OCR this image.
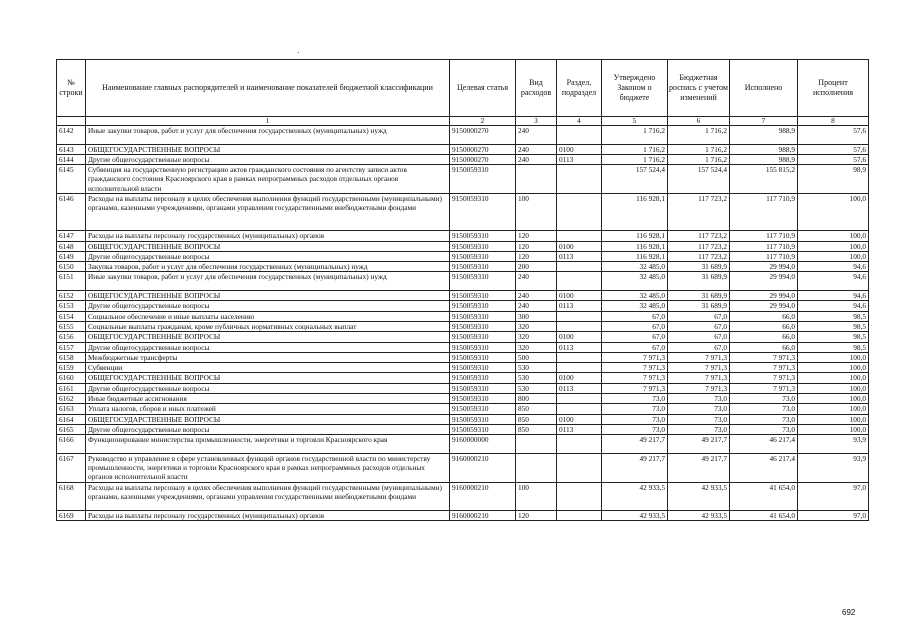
№ строки	Наименование главных распорядителей и наименование показателей бюджетной классификации	Целевая статья	Вид расходов	Раздел, подраздел	Утверждено Законом о бюджете	Бюджетная роспись с учетом изменений	Исполнено	Процент исполнения
	1	2	3	4	5	6	7	8
6142	Иные закупки товаров, работ и услуг для обеспечения государственных (муниципальных) нужд	9150000270	240		1 716,2	1 716,2	988,9	57,6
6143	ОБЩЕГОСУДАРСТВЕННЫЕ ВОПРОСЫ	9150000270	240	0100	1 716,2	1 716,2	988,9	57,6
6144	Другие общегосударственные вопросы	9150000270	240	0113	1 716,2	1 716,2	988,9	57,6
6145	Субвенция на государственную регистрацию актов гражданского состояния по агентству записи актов гражданского состояния Красноярского края в рамках непрограммных расходов отдельных органов исполнительной власти	9150059310			157 524,4	157 524,4	155 815,2	98,9
6146	Расходы на выплаты персоналу в целях обеспечения выполнения функций государственными (муниципальными) органами, казенными учреждениями, органами управления государственными внебюджетными фондами	9150059310	100		116 928,1	117 723,2	117 710,9	100,0
6147	Расходы на выплаты персоналу государственных (муниципальных) органов	9150059310	120		116 928,1	117 723,2	117 710,9	100,0
6148	ОБЩЕГОСУДАРСТВЕННЫЕ ВОПРОСЫ	9150059310	120	0100	116 928,1	117 723,2	117 710,9	100,0
6149	Другие общегосударственные вопросы	9150059310	120	0113	116 928,1	117 723,2	117 710,9	100,0
6150	Закупка товаров, работ и услуг для обеспечения государственных (муниципальных) нужд	9150059310	200		32 485,0	31 689,9	29 994,0	94,6
6151	Иные закупки товаров, работ и услуг для обеспечения государственных (муниципальных) нужд	9150059310	240		32 485,0	31 689,9	29 994,0	94,6
6152	ОБЩЕГОСУДАРСТВЕННЫЕ ВОПРОСЫ	9150059310	240	0100	32 485,0	31 689,9	29 994,0	94,6
6153	Другие общегосударственные вопросы	9150059310	240	0113	32 485,0	31 689,9	29 994,0	94,6
6154	Социальное обеспечение и иные выплаты населению	9150059310	300		67,0	67,0	66,0	98,5
6155	Социальные выплаты гражданам, кроме публичных нормативных социальных выплат	9150059310	320		67,0	67,0	66,0	98,5
6156	ОБЩЕГОСУДАРСТВЕННЫЕ ВОПРОСЫ	9150059310	320	0100	67,0	67,0	66,0	98,5
6157	Другие общегосударственные вопросы	9150059310	320	0113	67,0	67,0	66,0	98,5
6158	Межбюджетные трансферты	9150059310	500		7 971,3	7 971,3	7 971,3	100,0
6159	Субвенции	9150059310	530		7 971,3	7 971,3	7 971,3	100,0
6160	ОБЩЕГОСУДАРСТВЕННЫЕ ВОПРОСЫ	9150059310	530	0100	7 971,3	7 971,3	7 971,3	100,0
6161	Другие общегосударственные вопросы	9150059310	530	0113	7 971,3	7 971,3	7 971,3	100,0
6162	Иные бюджетные ассигнования	9150059310	800		73,0	73,0	73,0	100,0
6163	Уплата налогов, сборов и иных платежей	9150059310	850		73,0	73,0	73,0	100,0
6164	ОБЩЕГОСУДАРСТВЕННЫЕ ВОПРОСЫ	9150059310	850	0100	73,0	73,0	73,0	100,0
6165	Другие общегосударственные вопросы	9150059310	850	0113	73,0	73,0	73,0	100,0
6166	Функционирование министерства промышленности, энергетики и торговли Красноярского края	9160000000			49 217,7	49 217,7	46 217,4	93,9
6167	Руководство и управление в сфере установленных функций органов государственной власти по министерству промышленности, энергетики и торговли Красноярского края в рамках непрограммных расходов отдельных органов исполнительной власти	9160000210			49 217,7	49 217,7	46 217,4	93,9
6168	Расходы на выплаты персоналу в целях обеспечения выполнения функций государственными (муниципальными) органами, казенными учреждениями, органами управления государственными внебюджетными фондами	9160000210	100		42 933,5	42 933,5	41 654,0	97,0
6169	Расходы на выплаты персоналу государственных (муниципальных) органов	9160000210	120		42 933,5	42 933,5	41 654,0	97,0
692
